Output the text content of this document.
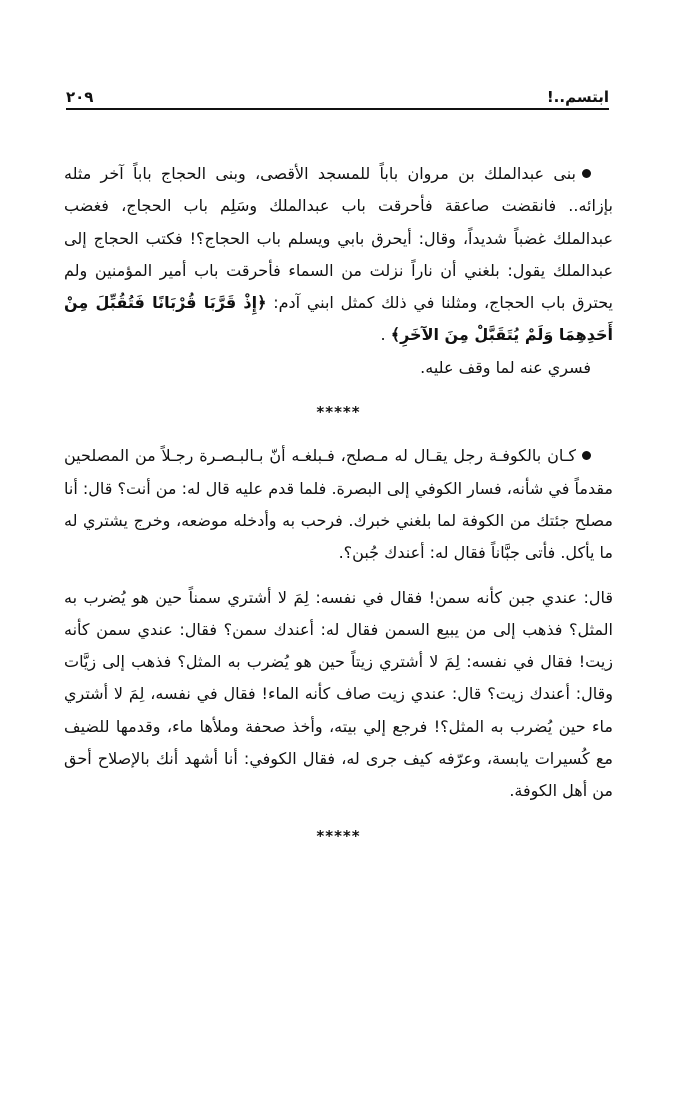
ابتسم..!
٢٠٩

بنى عبدالملك بن مروان باباً للمسجد الأقصى، وبنى الحجاج باباً آخر مثله بإزائه.. فانقضت صاعقة فأحرقت باب عبدالملك وسَلِم باب الحجاج، فغضب عبدالملك غضباً شديداً، وقال: أيحرق بابي ويسلم باب الحجاج؟! فكتب الحجاج إلى عبدالملك يقول: بلغني أن ناراً نزلت من السماء فأحرقت باب أمير المؤمنين ولم يحترق باب الحجاج، ومثلنا في ذلك كمثل ابني آدم: ﴿إِذْ قَرَّبَا قُرْبَانًا فَتُقُبِّلَ مِنْ أَحَدِهِمَا وَلَمْ يُتَقَبَّلْ مِنَ الآخَرِ﴾ .

فسري عنه لما وقف عليه.

*****

كـان بالكوفـة رجل يقـال له مـصلح، فـبلغـه أنّ بـالبـصـرة رجـلاً من المصلحين مقدماً في شأنه، فسار الكوفي إلى البصرة. فلما قدم عليه قال له: من أنت؟ قال: أنا مصلح جئتك من الكوفة لما بلغني خبرك. فرحب به وأدخله موضعه، وخرج يشتري له ما يأكل. فأتى جبَّاناً فقال له: أعندك جُبن؟.

قال: عندي جبن كأنه سمن! فقال في نفسه: لِمَ لا أشتري سمناً حين هو يُضرب به المثل؟ فذهب إلى من يبيع السمن فقال له: أعندك سمن؟ فقال: عندي سمن كأنه زيت! فقال في نفسه: لِمَ لا أشتري زيتاً حين هو يُضرب به المثل؟ فذهب إلى زيَّات وقال: أعندك زيت؟ قال: عندي زيت صاف كأنه الماء! فقال في نفسه، لِمَ لا أشتري ماء حين يُضرب به المثل؟! فرجع إلي بيته، وأخذ صحفة وملأها ماء، وقدمها للضيف مع كُسيرات يابسة، وعرّفه كيف جرى له، فقال الكوفي: أنا أشهد أنك بالإصلاح أحق من أهل الكوفة.

*****
